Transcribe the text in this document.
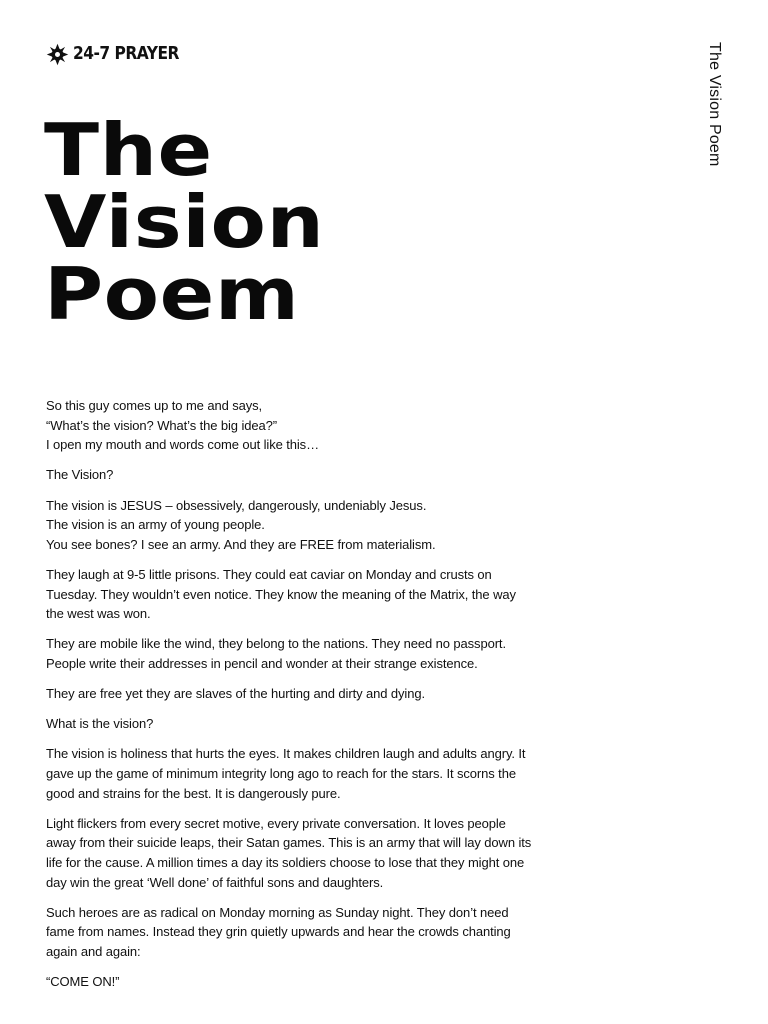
24-7 PRAYER	The Vision Poem
The
Vision
Poem

So this guy comes up to me and says,
“What’s the vision? What’s the big idea?”
I open my mouth and words come out like this…

The Vision?

The vision is JESUS – obsessively, dangerously, undeniably Jesus.
The vision is an army of young people.
You see bones? I see an army. And they are FREE from materialism.

They laugh at 9-5 little prisons. They could eat caviar on Monday and crusts on
Tuesday. They wouldn’t even notice. They know the meaning of the Matrix, the way
the west was won.

They are mobile like the wind, they belong to the nations. They need no passport.
People write their addresses in pencil and wonder at their strange existence.

They are free yet they are slaves of the hurting and dirty and dying.

What is the vision?

The vision is holiness that hurts the eyes. It makes children laugh and adults angry. It
gave up the game of minimum integrity long ago to reach for the stars. It scorns the
good and strains for the best. It is dangerously pure.

Light flickers from every secret motive, every private conversation. It loves people
away from their suicide leaps, their Satan games. This is an army that will lay down its
life for the cause. A million times a day its soldiers choose to lose that they might one
day win the great ‘Well done’ of faithful sons and daughters.

Such heroes are as radical on Monday morning as Sunday night. They don’t need
fame from names. Instead they grin quietly upwards and hear the crowds chanting
again and again:

“COME ON!”
